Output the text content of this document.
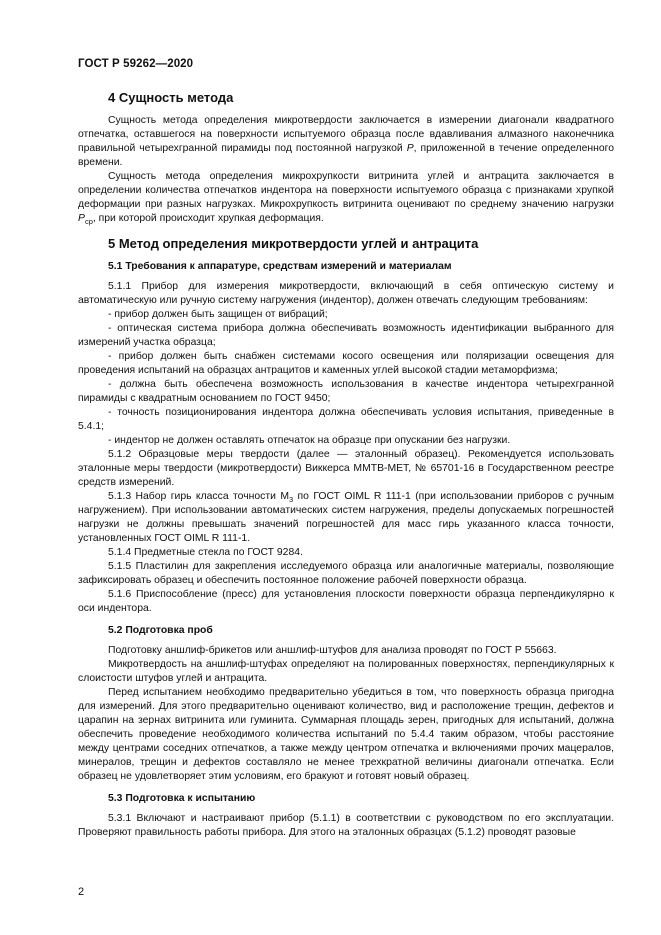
ГОСТ Р 59262—2020
4 Сущность метода

Сущность метода определения микротвердости заключается в измерении диагонали квадратного отпечатка, оставшегося на поверхности испытуемого образца после вдавливания алмазного наконечника правильной четырехгранной пирамиды под постоянной нагрузкой P, приложенной в течение определенного времени.

Сущность метода определения микрохрупкости витринита углей и антрацита заключается в определении количества отпечатков индентора на поверхности испытуемого образца с признаками хрупкой деформации при разных нагрузках. Микрохрупкость витринита оценивают по среднему значению нагрузки $P_{ср}$, при которой происходит хрупкая деформация.

5 Метод определения микротвердости углей и антрацита
5.1 Требования к аппаратуре, средствам измерений и материалам

5.1.1 Прибор для измерения микротвердости, включающий в себя оптическую систему и автоматическую или ручную систему нагружения (индентор), должен отвечать следующим требованиям:

- прибор должен быть защищен от вибраций;

- оптическая система прибора должна обеспечивать возможность идентификации выбранного для измерений участка образца;

- прибор должен быть снабжен системами косого освещения или поляризации освещения для проведения испытаний на образцах антрацитов и каменных углей высокой стадии метаморфизма;

- должна быть обеспечена возможность использования в качестве индентора четырехгранной пирамиды с квадратным основанием по ГОСТ 9450;

- точность позиционирования индентора должна обеспечивать условия испытания, приведенные в 5.4.1;

- индентор не должен оставлять отпечаток на образце при опускании без нагрузки.

5.1.2 Образцовые меры твердости (далее — эталонный образец). Рекомендуется использовать эталонные меры твердости (микротвердости) Виккерса ММТВ-МЕТ, № 65701-16 в Государственном реестре средств измерений.

5.1.3 Набор гирь класса точности $М_3$ по ГОСТ OIML R 111-1 (при использовании приборов с ручным нагружением). При использовании автоматических систем нагружения, пределы допускаемых погрешностей нагрузки не должны превышать значений погрешностей для масс гирь указанного класса точности, установленных ГОСТ OIML R 111-1.

5.1.4 Предметные стекла по ГОСТ 9284.

5.1.5 Пластилин для закрепления исследуемого образца или аналогичные материалы, позволяющие зафиксировать образец и обеспечить постоянное положение рабочей поверхности образца.

5.1.6 Приспособление (пресс) для установления плоскости поверхности образца перпендикулярно к оси индентора.

5.2 Подготовка проб

Подготовку аншлиф-брикетов или аншлиф-штуфов для анализа проводят по ГОСТ Р 55663.

Микротвердость на аншлиф-штуфах определяют на полированных поверхностях, перпендикулярных к слоистости штуфов углей и антрацита.

Перед испытанием необходимо предварительно убедиться в том, что поверхность образца пригодна для измерений. Для этого предварительно оценивают количество, вид и расположение трещин, дефектов и царапин на зернах витринита или гуминита. Суммарная площадь зерен, пригодных для испытаний, должна обеспечить проведение необходимого количества испытаний по 5.4.4 таким образом, чтобы расстояние между центрами соседних отпечатков, а также между центром отпечатка и включениями прочих мацералов, минералов, трещин и дефектов составляло не менее трехкратной величины диагонали отпечатка. Если образец не удовлетворяет этим условиям, его бракуют и готовят новый образец.

5.3 Подготовка к испытанию

5.3.1 Включают и настраивают прибор (5.1.1) в соответствии с руководством по его эксплуатации. Проверяют правильность работы прибора. Для этого на эталонных образцах (5.1.2) проводят разовые

2
